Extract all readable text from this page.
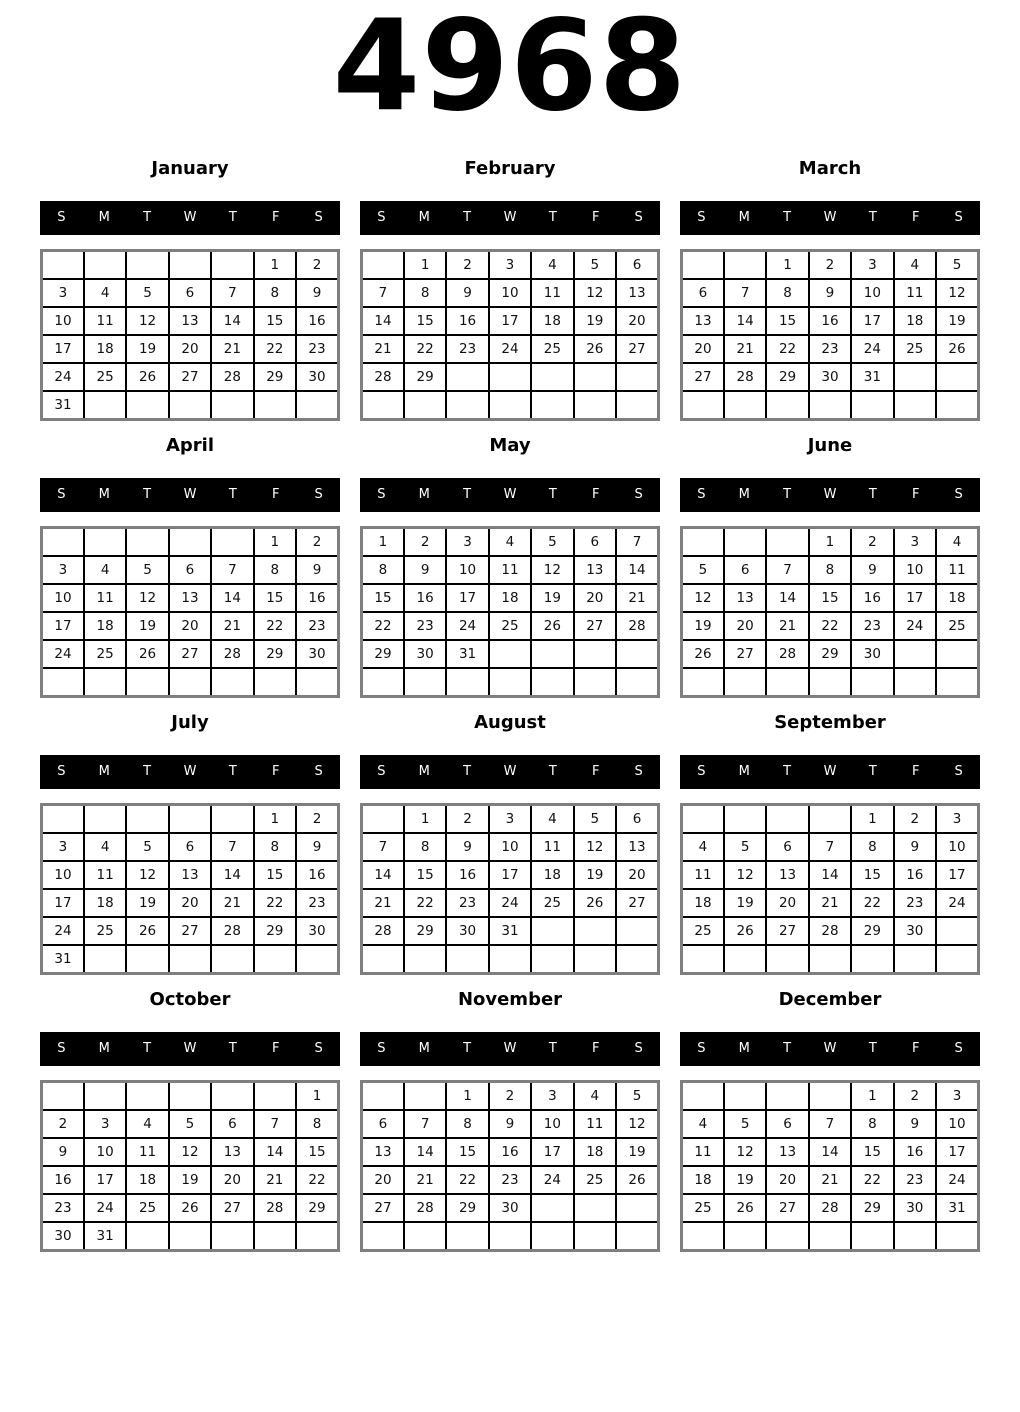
4968
January
S	M	T	W	T	F	S
					1	2
3	4	5	6	7	8	9
10	11	12	13	14	15	16
17	18	19	20	21	22	23
24	25	26	27	28	29	30
31						
February
S	M	T	W	T	F	S
	1	2	3	4	5	6
7	8	9	10	11	12	13
14	15	16	17	18	19	20
21	22	23	24	25	26	27
28	29					

March
S	M	T	W	T	F	S
		1	2	3	4	5
6	7	8	9	10	11	12
13	14	15	16	17	18	19
20	21	22	23	24	25	26
27	28	29	30	31		

April
S	M	T	W	T	F	S
					1	2
3	4	5	6	7	8	9
10	11	12	13	14	15	16
17	18	19	20	21	22	23
24	25	26	27	28	29	30

May
S	M	T	W	T	F	S
1	2	3	4	5	6	7
8	9	10	11	12	13	14
15	16	17	18	19	20	21
22	23	24	25	26	27	28
29	30	31				

June
S	M	T	W	T	F	S
			1	2	3	4
5	6	7	8	9	10	11
12	13	14	15	16	17	18
19	20	21	22	23	24	25
26	27	28	29	30		

July
S	M	T	W	T	F	S
					1	2
3	4	5	6	7	8	9
10	11	12	13	14	15	16
17	18	19	20	21	22	23
24	25	26	27	28	29	30
31						
August
S	M	T	W	T	F	S
	1	2	3	4	5	6
7	8	9	10	11	12	13
14	15	16	17	18	19	20
21	22	23	24	25	26	27
28	29	30	31			

September
S	M	T	W	T	F	S
				1	2	3
4	5	6	7	8	9	10
11	12	13	14	15	16	17
18	19	20	21	22	23	24
25	26	27	28	29	30	

October
S	M	T	W	T	F	S
						1
2	3	4	5	6	7	8
9	10	11	12	13	14	15
16	17	18	19	20	21	22
23	24	25	26	27	28	29
30	31					
November
S	M	T	W	T	F	S
		1	2	3	4	5
6	7	8	9	10	11	12
13	14	15	16	17	18	19
20	21	22	23	24	25	26
27	28	29	30			

December
S	M	T	W	T	F	S
				1	2	3
4	5	6	7	8	9	10
11	12	13	14	15	16	17
18	19	20	21	22	23	24
25	26	27	28	29	30	31
